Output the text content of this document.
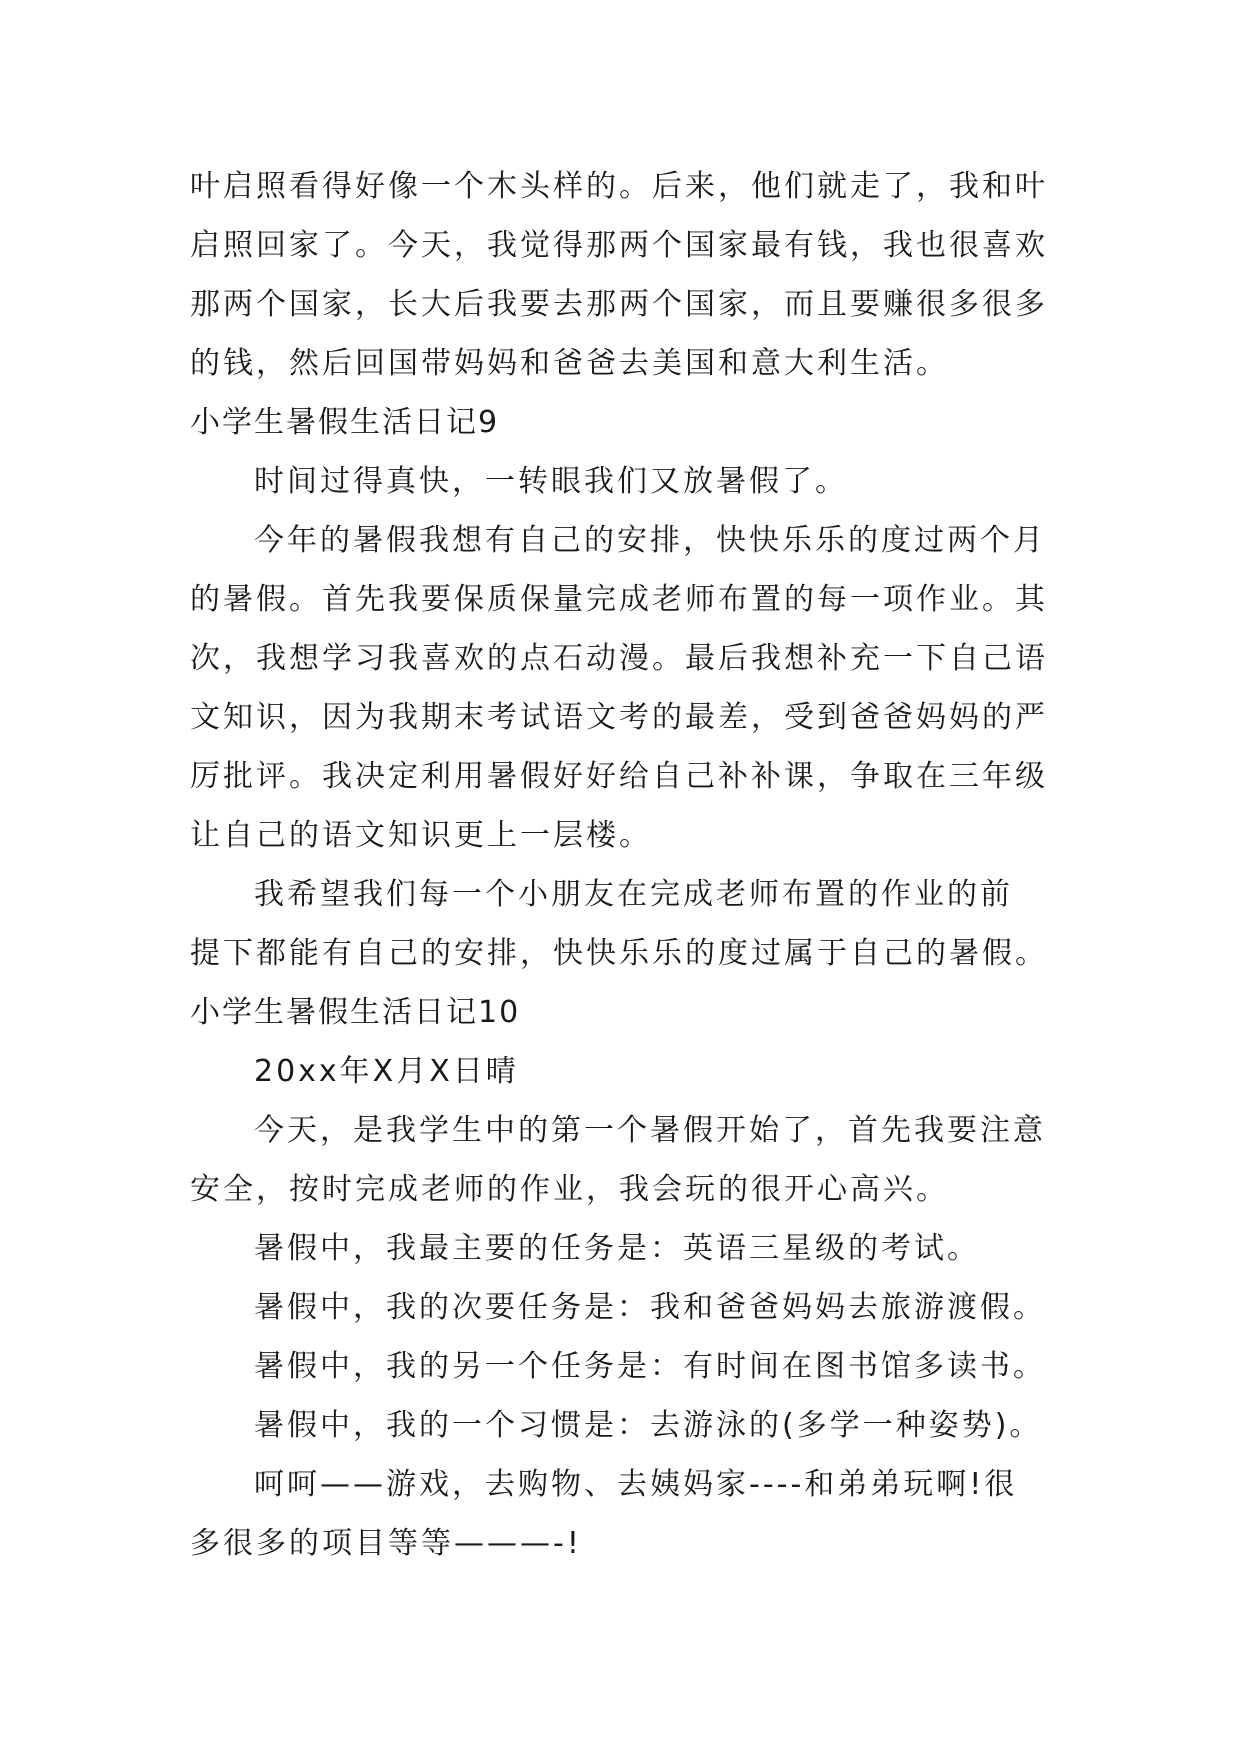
叶启照看得好像一个木头样的。后来，他们就走了，我和叶
启照回家了。今天，我觉得那两个国家最有钱，我也很喜欢
那两个国家，长大后我要去那两个国家，而且要赚很多很多
的钱，然后回国带妈妈和爸爸去美国和意大利生活。
小学生暑假生活日记9
时间过得真快，一转眼我们又放暑假了。
今年的暑假我想有自己的安排，快快乐乐的度过两个月
的暑假。首先我要保质保量完成老师布置的每一项作业。其
次，我想学习我喜欢的点石动漫。最后我想补充一下自己语
文知识，因为我期末考试语文考的最差，受到爸爸妈妈的严
厉批评。我决定利用暑假好好给自己补补课，争取在三年级
让自己的语文知识更上一层楼。
我希望我们每一个小朋友在完成老师布置的作业的前
提下都能有自己的安排，快快乐乐的度过属于自己的暑假。
小学生暑假生活日记10
20xx年X月X日晴
今天，是我学生中的第一个暑假开始了，首先我要注意
安全，按时完成老师的作业，我会玩的很开心高兴。
暑假中，我最主要的任务是：英语三星级的考试。
暑假中，我的次要任务是：我和爸爸妈妈去旅游渡假。
暑假中，我的另一个任务是：有时间在图书馆多读书。
暑假中，我的一个习惯是：去游泳的(多学一种姿势)。
呵呵——游戏，去购物、去姨妈家----和弟弟玩啊!很
多很多的项目等等———-!
